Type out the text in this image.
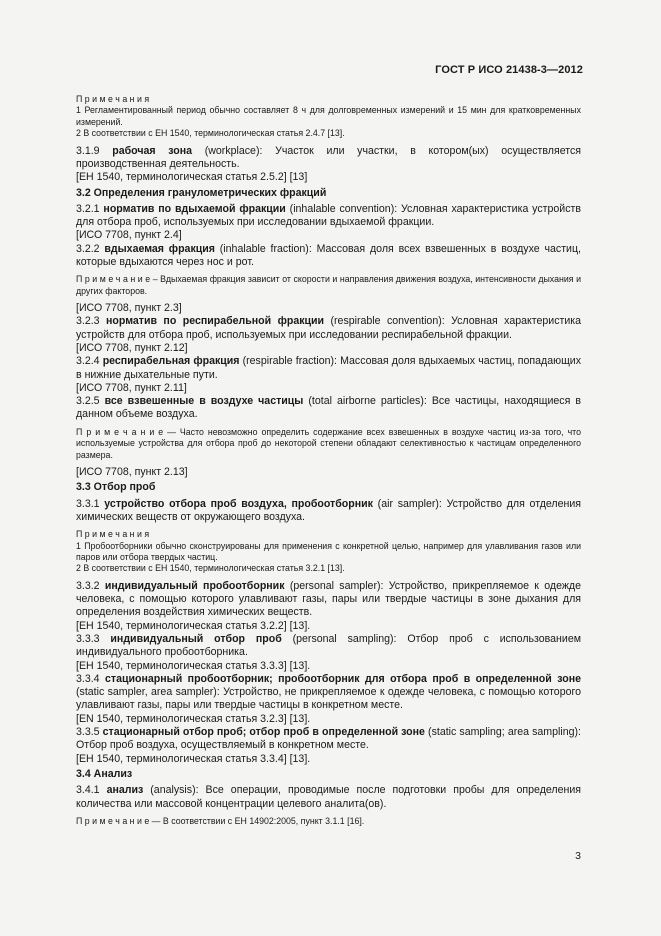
ГОСТ Р ИСО 21438-3—2012

П р и м е ч а н и я

1 Регламентированный период обычно составляет 8 ч для долговременных измерений и 15 мин для кратковременных измерений.

2 В соответствии с ЕН 1540, терминологическая статья 2.4.7 [13].

3.1.9 рабочая зона (workplace): Участок или участки, в котором(ых) осуществляется производственная деятельность.

[ЕН 1540, терминологическая статья 2.5.2] [13]

3.2 Определения гранулометрических фракций

3.2.1 норматив по вдыхаемой фракции (inhalable convention): Условная характеристика устройств для отбора проб, используемых при исследовании вдыхаемой фракции.

[ИСО 7708, пункт 2.4]

3.2.2 вдыхаемая фракция (inhalable fraction): Массовая доля всех взвешенных в воздухе частиц, которые вдыхаются через нос и рот.

П р и м е ч а н и е – Вдыхаемая фракция зависит от скорости и направления движения воздуха, интенсивности дыхания и других факторов.

[ИСО 7708, пункт 2.3]

3.2.3 норматив по респирабельной фракции (respirable convention): Условная характеристика устройств для отбора проб, используемых при исследовании респирабельной фракции.

[ИСО 7708, пункт 2.12]

3.2.4 респирабельная фракция (respirable fraction): Массовая доля вдыхаемых частиц, попадающих в нижние дыхательные пути.

[ИСО 7708, пункт 2.11]

3.2.5 все взвешенные в воздухе частицы (total airborne particles): Все частицы, находящиеся в данном объеме воздуха.

П р и м е ч а н и е — Часто невозможно определить содержание всех взвешенных в воздухе частиц из-за того, что используемые устройства для отбора проб до некоторой степени обладают селективностью к частицам определенного размера.

[ИСО 7708, пункт 2.13]

3.3 Отбор проб

3.3.1 устройство отбора проб воздуха, пробоотборник (air sampler): Устройство для отделения химических веществ от окружающего воздуха.

П р и м е ч а н и я

1 Пробоотборники обычно сконструированы для применения с конкретной целью, например для улавливания газов или паров или отбора твердых частиц.

2 В соответствии с ЕН 1540, терминологическая статья 3.2.1 [13].

3.3.2 индивидуальный пробоотборник (personal sampler): Устройство, прикрепляемое к одежде человека, с помощью которого улавливают газы, пары или твердые частицы в зоне дыхания для определения воздействия химических веществ.

[ЕН 1540, терминологическая статья 3.2.2] [13].

3.3.3 индивидуальный отбор проб (personal sampling): Отбор проб с использованием индивидуального пробоотборника.

[ЕН 1540, терминологическая статья 3.3.3] [13].

3.3.4 стационарный пробоотборник; пробоотборник для отбора проб в определенной зоне (static sampler, area sampler): Устройство, не прикрепляемое к одежде человека, с помощью которого улавливают газы, пары или твердые частицы в конкретном месте.

[ЕN 1540, терминологическая статья 3.2.3] [13].

3.3.5 стационарный отбор проб; отбор проб в определенной зоне (static sampling; area sampling): Отбор проб воздуха, осуществляемый в конкретном месте.

[ЕН 1540, терминологическая статья 3.3.4] [13].

3.4 Анализ

3.4.1 анализ (analysis): Все операции, проводимые после подготовки пробы для определения количества или массовой концентрации целевого аналита(ов).

П р и м е ч а н и е — В соответствии с ЕН 14902:2005, пункт 3.1.1 [16].

3
